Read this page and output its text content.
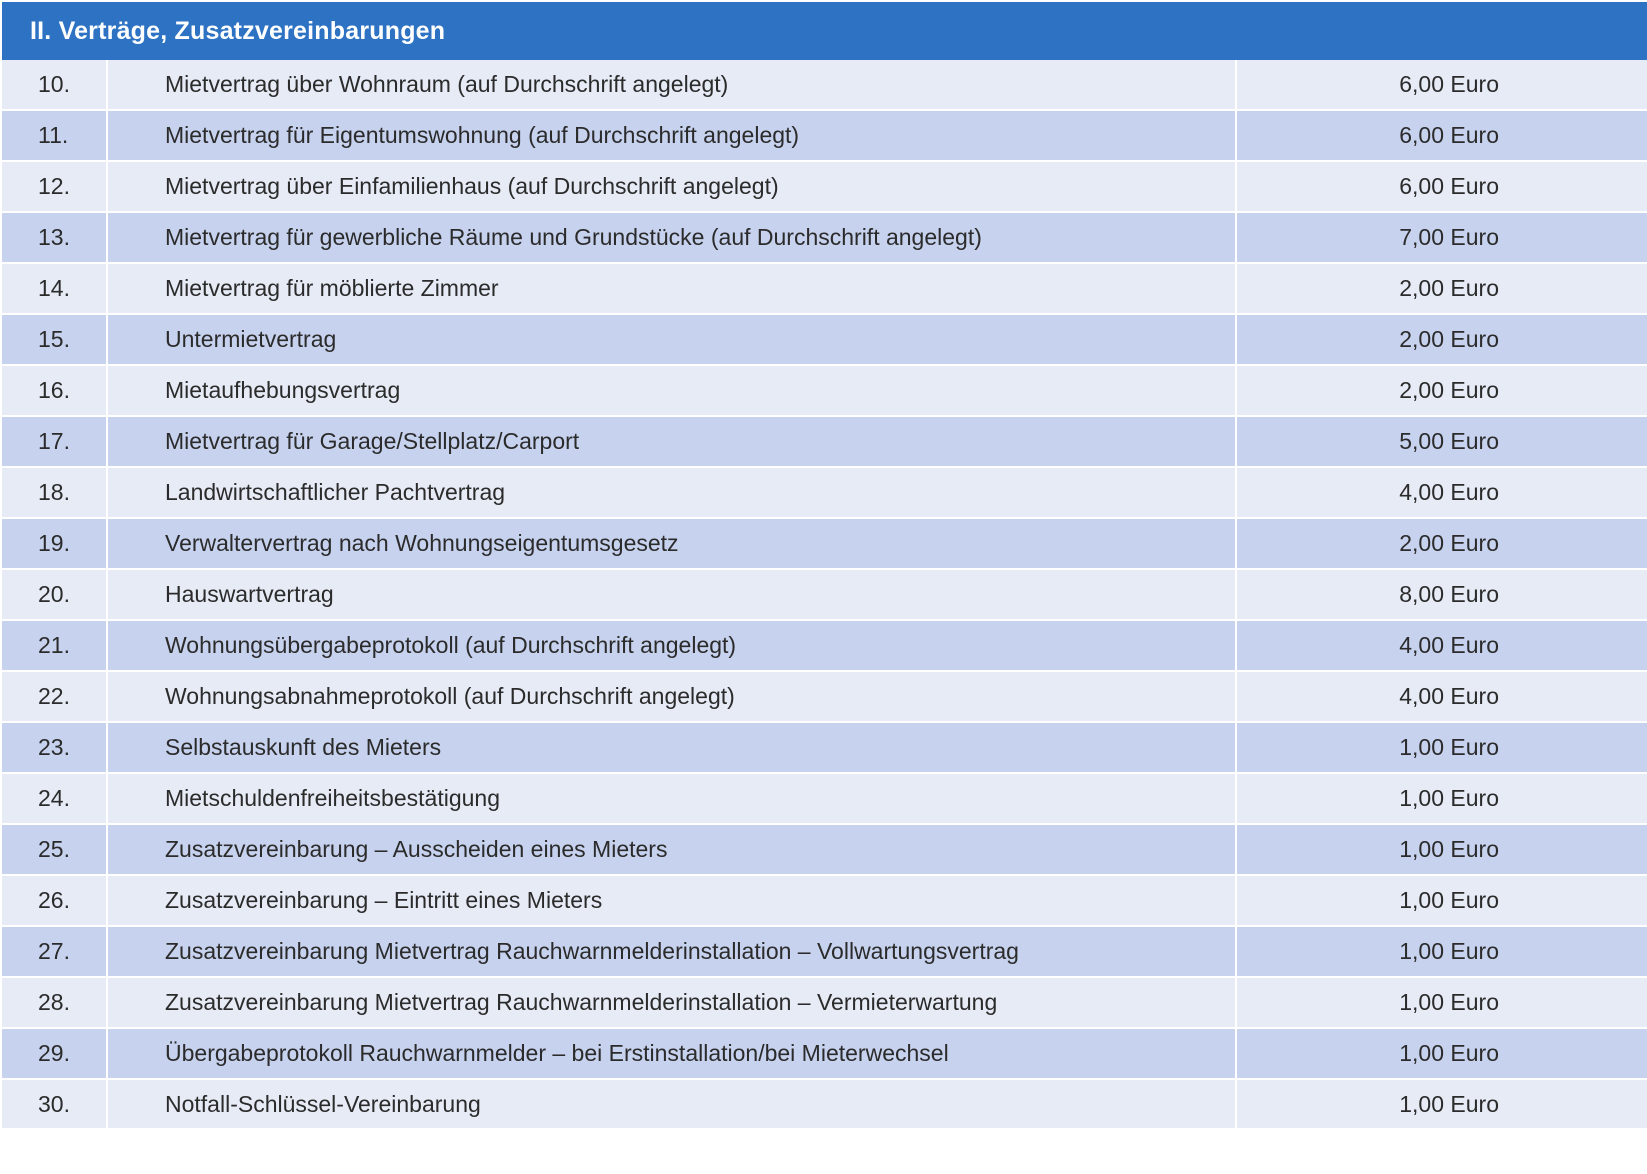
II. Verträge, Zusatzvereinbarungen
10.	Mietvertrag über Wohnraum (auf Durchschrift angelegt)	6,00 Euro
11.	Mietvertrag für Eigentumswohnung (auf Durchschrift angelegt)	6,00 Euro
12.	Mietvertrag über Einfamilienhaus (auf Durchschrift angelegt)	6,00 Euro
13.	Mietvertrag für gewerbliche Räume und Grundstücke (auf Durchschrift angelegt)	7,00 Euro
14.	Mietvertrag für möblierte Zimmer	2,00 Euro
15.	Untermietvertrag	2,00 Euro
16.	Mietaufhebungsvertrag	2,00 Euro
17.	Mietvertrag für Garage/Stellplatz/Carport	5,00 Euro
18.	Landwirtschaftlicher Pachtvertrag	4,00 Euro
19.	Verwaltervertrag nach Wohnungseigentumsgesetz	2,00 Euro
20.	Hauswartvertrag	8,00 Euro
21.	Wohnungsübergabeprotokoll (auf Durchschrift angelegt)	4,00 Euro
22.	Wohnungsabnahmeprotokoll (auf Durchschrift angelegt)	4,00 Euro
23.	Selbstauskunft des Mieters	1,00 Euro
24.	Mietschuldenfreiheitsbestätigung	1,00 Euro
25.	Zusatzvereinbarung – Ausscheiden eines Mieters	1,00 Euro
26.	Zusatzvereinbarung – Eintritt eines Mieters	1,00 Euro
27.	Zusatzvereinbarung Mietvertrag Rauchwarnmelderinstallation – Vollwartungsvertrag	1,00 Euro
28.	Zusatzvereinbarung Mietvertrag Rauchwarnmelderinstallation – Vermieterwartung	1,00 Euro
29.	Übergabeprotokoll Rauchwarnmelder – bei Erstinstallation/bei Mieterwechsel	1,00 Euro
30.	Notfall-Schlüssel-Vereinbarung	1,00 Euro
